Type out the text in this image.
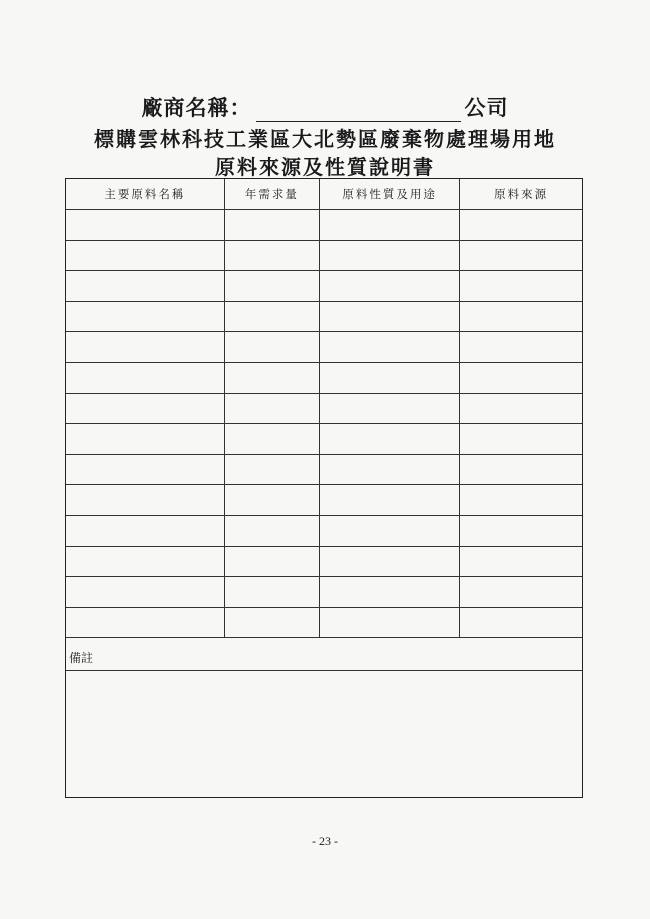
廠商名稱：	公司
標購雲林科技工業區大北勢區廢棄物處理場用地
原料來源及性質說明書
主要原料名稱	年需求量	原料性質及用途	原料來源

備註
- 23 -
